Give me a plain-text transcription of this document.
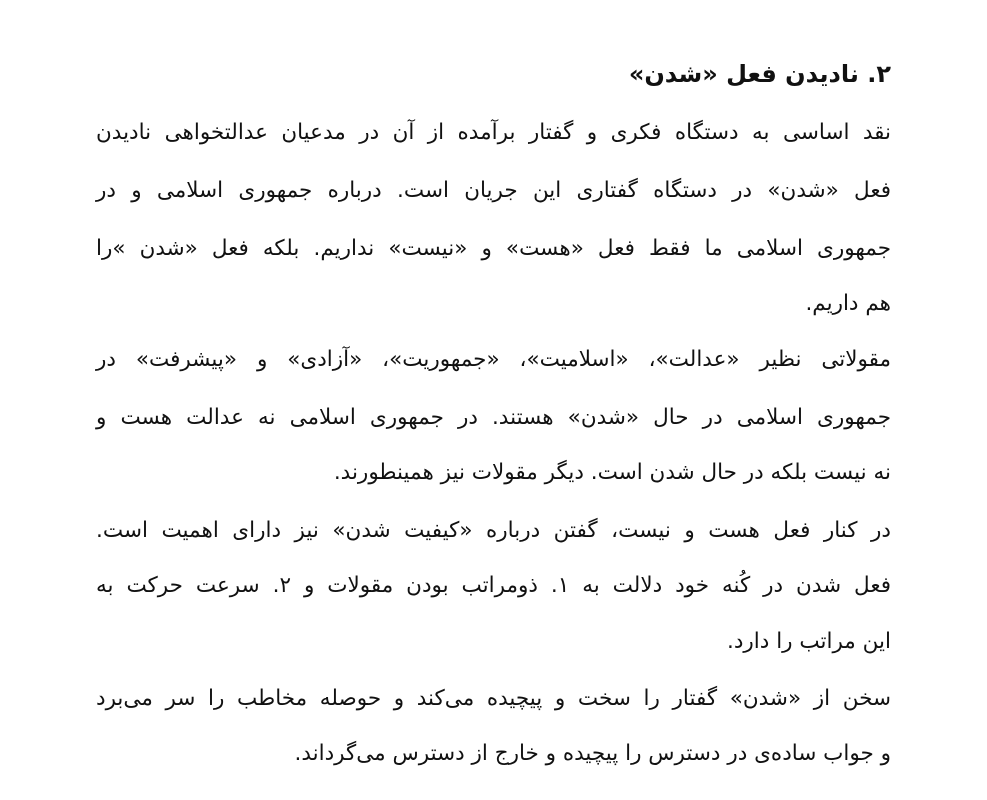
۲. نادیدن فعل «شدن»

نقد اساسی به دستگاه فکری و گفتار برآمده از آن در مدعیان عدالتخواهی نادیدن

فعل «شدن» در دستگاه گفتاری این جریان است. درباره جمهوری اسلامی و در

جمهوری اسلامی ما فقط فعل «هست» و «نیست» نداریم. بلکه فعل «شدن »را

هم داریم.

مقولاتی نظیر «عدالت»، «اسلامیت»، «جمهوریت»، «آزادی» و «پیشرفت» در

جمهوری اسلامی در حال «شدن» هستند. در جمهوری اسلامی نه عدالت هست و

نه نیست بلکه در حال شدن است. دیگر مقولات نیز همینطورند.

در کنار فعل هست و نیست، گفتن درباره «کیفیت شدن» نیز دارای اهمیت است.

فعل شدن در کُنه خود دلالت به ۱. ذومراتب بودن مقولات و ۲. سرعت حرکت به

این مراتب را دارد.

سخن از «شدن» گفتار را سخت و پیچیده می‌کند و حوصله مخاطب را سر می‌برد

و جواب ساده‌ی در دسترس را پیچیده و خارج از دسترس می‌گرداند.
